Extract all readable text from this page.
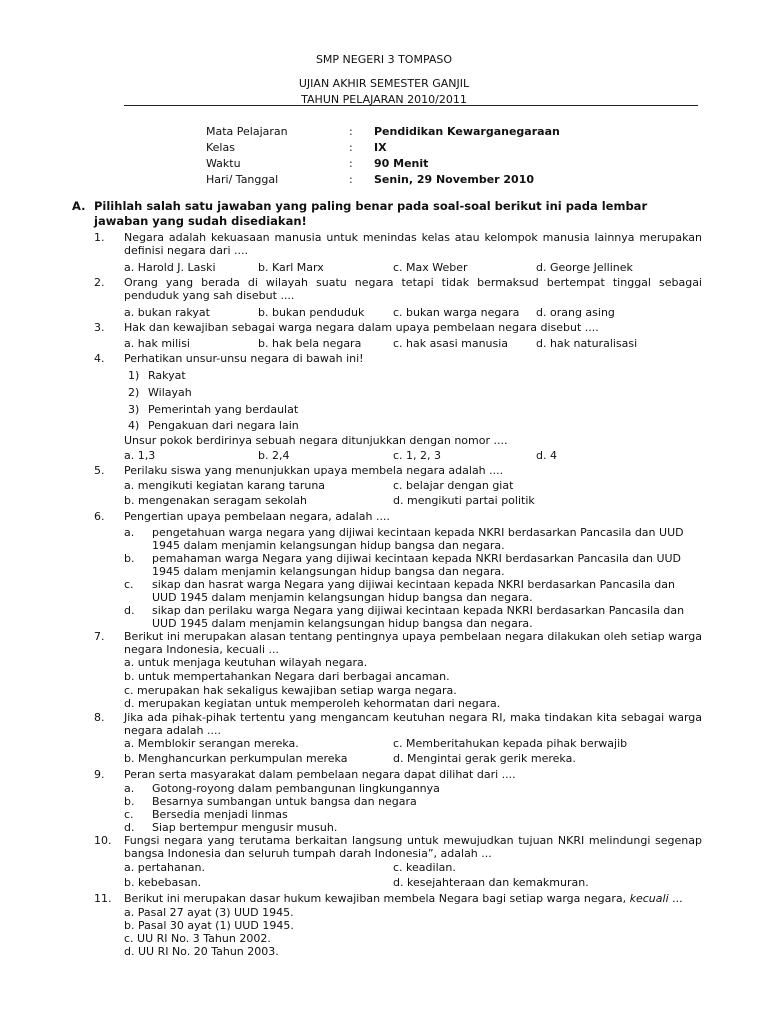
SMP NEGERI 3 TOMPASO
UJIAN AKHIR SEMESTER GANJIL
TAHUN PELAJARAN 2010/2011
Mata Pelajaran	: Pendidikan Kewarganegaraan
Kelas	: IX
Waktu	: 90 Menit
Hari/ Tanggal	: Senin, 29 November 2010
A. Pilihlah salah satu jawaban yang paling benar pada soal-soal berikut ini pada lembar jawaban yang sudah disediakan!
1. Negara adalah kekuasaan manusia untuk menindas kelas atau kelompok manusia lainnya merupakan definisi negara dari ....
a. Harold J. Laski	b. Karl Marx	c. Max Weber	d. George Jellinek
2. Orang yang berada di wilayah suatu negara tetapi tidak bermaksud bertempat tinggal sebagai penduduk yang sah disebut ....
a. bukan rakyat	b. bukan penduduk	c. bukan warga negara d. orang asing
3. Hak dan kewajiban sebagai warga negara dalam upaya pembelaan negara disebut ....
a. hak milisi	b. hak bela negara	c. hak asasi manusia	d. hak naturalisasi
4. Perhatikan unsur-unsu negara di bawah ini!
1) Rakyat
2) Wilayah
3) Pemerintah yang berdaulat
4) Pengakuan dari negara lain
Unsur pokok berdirinya sebuah negara ditunjukkan dengan nomor ....
a. 1,3	b. 2,4	c. 1, 2, 3	d. 4
5. Perilaku siswa yang menunjukkan upaya membela negara adalah ....
a. mengikuti kegiatan karang taruna	c. belajar dengan giat
b. mengenakan seragam sekolah	d. mengikuti partai politik
6. Pengertian upaya pembelaan negara, adalah ....
a. pengetahuan warga negara yang dijiwai kecintaan kepada NKRI berdasarkan Pancasila dan UUD 1945 dalam menjamin kelangsungan hidup bangsa dan negara.
b. pemahaman warga Negara yang dijiwai kecintaan kepada NKRI berdasarkan Pancasila dan UUD 1945 dalam menjamin kelangsungan hidup bangsa dan negara.
c. sikap dan hasrat warga Negara yang dijiwai kecintaan kepada NKRI berdasarkan Pancasila dan UUD 1945 dalam menjamin kelangsungan hidup bangsa dan negara.
d. sikap dan perilaku warga Negara yang dijiwai kecintaan kepada NKRI berdasarkan Pancasila dan UUD 1945 dalam menjamin kelangsungan hidup bangsa dan negara.
7. Berikut ini merupakan alasan tentang pentingnya upaya pembelaan negara dilakukan oleh setiap warga negara Indonesia, kecuali ...
a. untuk menjaga keutuhan wilayah negara.
b. untuk mempertahankan Negara dari berbagai ancaman.
c. merupakan hak sekaligus kewajiban setiap warga negara.
d. merupakan kegiatan untuk memperoleh kehormatan dari negara.
8. Jika ada pihak-pihak tertentu yang mengancam keutuhan negara RI, maka tindakan kita sebagai warga negara adalah ....
a. Memblokir serangan mereka.	c. Memberitahukan kepada pihak berwajib
b. Menghancurkan perkumpulan mereka	d. Mengintai gerak gerik mereka.
9. Peran serta masyarakat dalam pembelaan negara dapat dilihat dari ....
a. Gotong-royong dalam pembangunan lingkungannya
b. Besarnya sumbangan untuk bangsa dan negara
c. Bersedia menjadi linmas
d. Siap bertempur mengusir musuh.
10. Fungsi negara yang terutama berkaitan langsung untuk mewujudkan tujuan NKRI melindungi segenap bangsa Indonesia dan seluruh tumpah darah Indonesia”, adalah ...
a. pertahanan.	c. keadilan.
b. kebebasan.	d. kesejahteraan dan kemakmuran.
11. Berikut ini merupakan dasar hukum kewajiban membela Negara bagi setiap warga negara, kecuali ...
a. Pasal 27 ayat (3) UUD 1945.
b. Pasal 30 ayat (1) UUD 1945.
c. UU RI No. 3 Tahun 2002.
d. UU RI No. 20 Tahun 2003.
